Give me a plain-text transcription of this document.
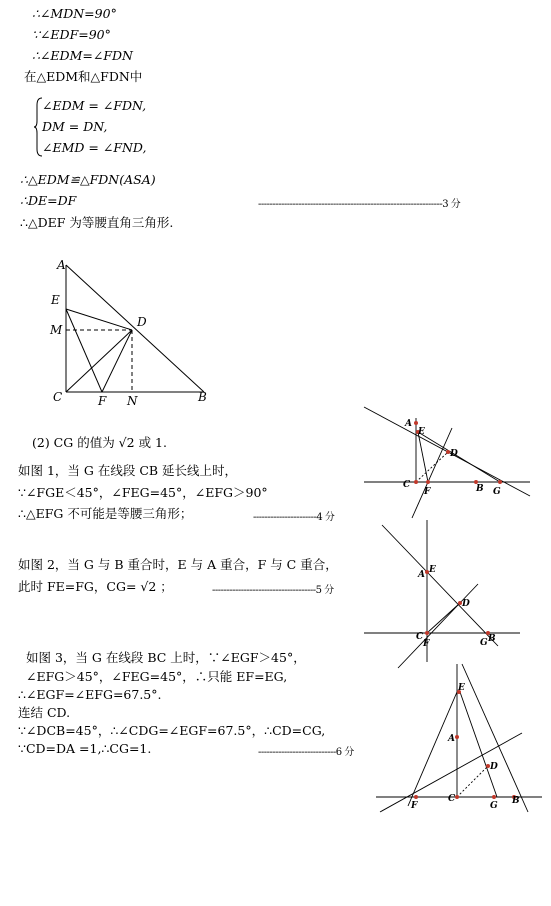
∴∠MDN=90°
∵∠EDF=90°
∴∠EDM=∠FDN
在△EDM和△FDN中
∠EDM = ∠FDN,
DM = DN,
∠EMD = ∠FND,
∴△EDM≌△FDN(ASA)
∴DE=DF	----------------------------------------------------------------3 分
∴△DEF 为等腰直角三角形.
A
E
M
D
C	F N	B
(2) CG 的值为 √2 或 1.
如图 1，当 G 在线段 CB 延长线上时，
∵∠FGE＜45°，∠FEG=45°，∠EFG＞90°
∴△EFG 不可能是等腰三角形；	----------------------4 分
如图 2，当 G 与 B 重合时，E 与 A 重合，F 与 C 重合，
此时 FE=FG，CG= √2 ；	------------------------------------5 分
如图 3，当 G 在线段 BC 上时，∵∠EGF＞45°，
∠EFG＞45°，∠FEG=45°，∴只能 EF=EG,
∴∠EGF=∠EFG=67.5°.
连结 CD.
∵∠DCB=45°，∴∠CDG=∠EGF=67.5°，∴CD=CG,
∵CD=DA =1,∴CG=1.	---------------------------6 分
A
E
D
C
F	B G
E
A
D
C
F	G B
E
A
D
F
C
G B
